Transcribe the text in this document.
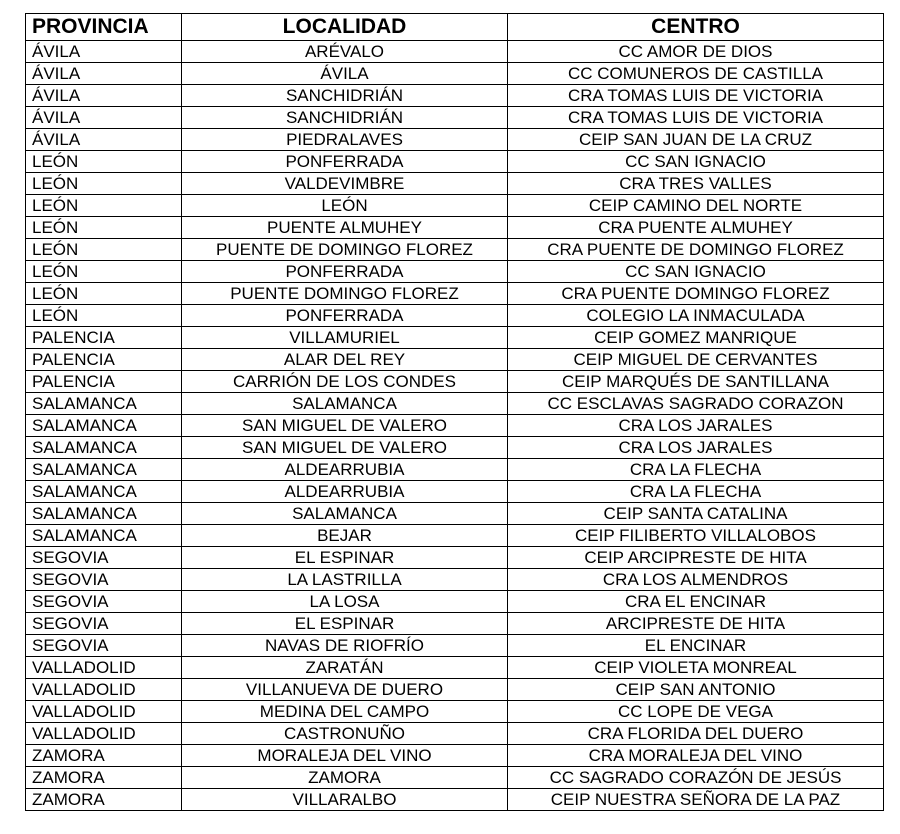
PROVINCIA	LOCALIDAD	CENTRO
ÁVILA	ARÉVALO	CC AMOR DE DIOS
ÁVILA	ÁVILA	CC COMUNEROS DE CASTILLA
ÁVILA	SANCHIDRIÁN	CRA TOMAS LUIS DE VICTORIA
ÁVILA	SANCHIDRIÁN	CRA TOMAS LUIS DE VICTORIA
ÁVILA	PIEDRALAVES	CEIP SAN JUAN DE LA CRUZ
LEÓN	PONFERRADA	CC SAN IGNACIO
LEÓN	VALDEVIMBRE	CRA TRES VALLES
LEÓN	LEÓN	CEIP CAMINO DEL NORTE
LEÓN	PUENTE ALMUHEY	CRA PUENTE ALMUHEY
LEÓN	PUENTE DE DOMINGO FLOREZ	CRA PUENTE DE DOMINGO FLOREZ
LEÓN	PONFERRADA	CC SAN IGNACIO
LEÓN	PUENTE DOMINGO FLOREZ	CRA PUENTE DOMINGO FLOREZ
LEÓN	PONFERRADA	COLEGIO LA INMACULADA
PALENCIA	VILLAMURIEL	CEIP GOMEZ MANRIQUE
PALENCIA	ALAR DEL REY	CEIP MIGUEL DE CERVANTES
PALENCIA	CARRIÓN DE LOS CONDES	CEIP MARQUÉS DE SANTILLANA
SALAMANCA	SALAMANCA	CC ESCLAVAS SAGRADO CORAZON
SALAMANCA	SAN MIGUEL DE VALERO	CRA LOS JARALES
SALAMANCA	SAN MIGUEL DE VALERO	CRA LOS JARALES
SALAMANCA	ALDEARRUBIA	CRA LA FLECHA
SALAMANCA	ALDEARRUBIA	CRA LA FLECHA
SALAMANCA	SALAMANCA	CEIP SANTA CATALINA
SALAMANCA	BEJAR	CEIP FILIBERTO VILLALOBOS
SEGOVIA	EL ESPINAR	CEIP ARCIPRESTE DE HITA
SEGOVIA	LA LASTRILLA	CRA LOS ALMENDROS
SEGOVIA	LA LOSA	CRA EL ENCINAR
SEGOVIA	EL ESPINAR	ARCIPRESTE DE HITA
SEGOVIA	NAVAS DE RIOFRÍO	EL ENCINAR
VALLADOLID	ZARATÁN	CEIP VIOLETA MONREAL
VALLADOLID	VILLANUEVA DE DUERO	CEIP SAN ANTONIO
VALLADOLID	MEDINA DEL CAMPO	CC LOPE DE VEGA
VALLADOLID	CASTRONUÑO	CRA FLORIDA DEL DUERO
ZAMORA	MORALEJA DEL VINO	CRA MORALEJA DEL VINO
ZAMORA	ZAMORA	CC SAGRADO CORAZÓN DE JESÚS
ZAMORA	VILLARALBO	CEIP NUESTRA SEÑORA DE LA PAZ
